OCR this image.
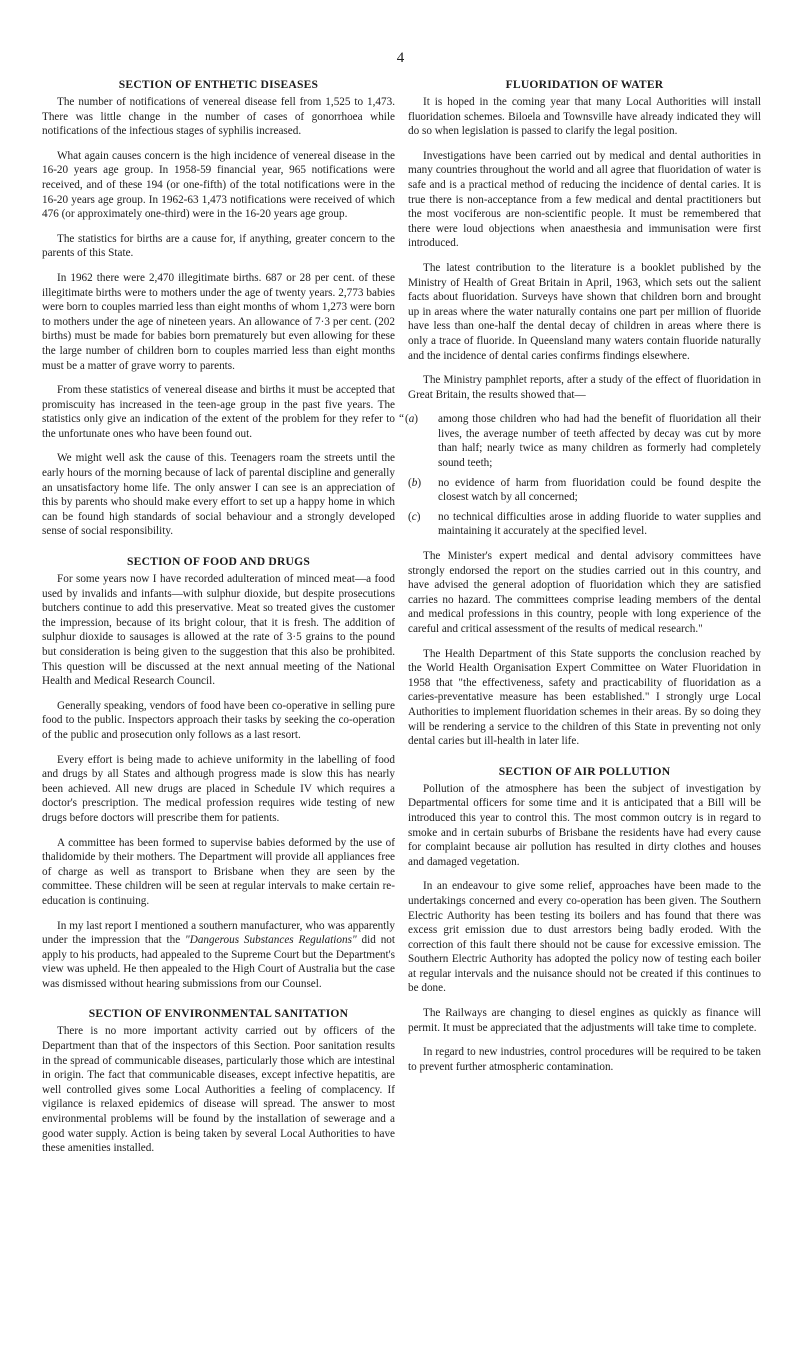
4
SECTION OF ENTHETIC DISEASES

The number of notifications of venereal disease fell from 1,525 to 1,473. There was little change in the number of cases of gonorrhoea while notifications of the infectious stages of syphilis increased.

What again causes concern is the high incidence of venereal disease in the 16-20 years age group. In 1958-59 financial year, 965 notifications were received, and of these 194 (or one-fifth) of the total notifications were in the 16-20 years age group. In 1962-63 1,473 notifications were received of which 476 (or approximately one-third) were in the 16-20 years age group.

The statistics for births are a cause for, if anything, greater concern to the parents of this State.

In 1962 there were 2,470 illegitimate births. 687 or 28 per cent. of these illegitimate births were to mothers under the age of twenty years. 2,773 babies were born to couples married less than eight months of whom 1,273 were born to mothers under the age of nineteen years. An allowance of 7·3 per cent. (202 births) must be made for babies born prematurely but even allowing for these the large number of children born to couples married less than eight months must be a matter of grave worry to parents.

From these statistics of venereal disease and births it must be accepted that promiscuity has increased in the teen-age group in the past five years. The statistics only give an indication of the extent of the problem for they refer to the unfortunate ones who have been found out.

We might well ask the cause of this. Teenagers roam the streets until the early hours of the morning because of lack of parental discipline and generally an unsatisfactory home life. The only answer I can see is an appreciation of this by parents who should make every effort to set up a happy home in which can be found high standards of social behaviour and a strongly developed sense of social responsibility.

SECTION OF FOOD AND DRUGS

For some years now I have recorded adulteration of minced meat—a food used by invalids and infants—with sulphur dioxide, but despite prosecutions butchers continue to add this preservative. Meat so treated gives the customer the impression, because of its bright colour, that it is fresh. The addition of sulphur dioxide to sausages is allowed at the rate of 3·5 grains to the pound but consideration is being given to the suggestion that this also be prohibited. This question will be discussed at the next annual meeting of the National Health and Medical Research Council.

Generally speaking, vendors of food have been co-operative in selling pure food to the public. Inspectors approach their tasks by seeking the co-operation of the public and prosecution only follows as a last resort.

Every effort is being made to achieve uniformity in the labelling of food and drugs by all States and although progress made is slow this has nearly been achieved. All new drugs are placed in Schedule IV which requires a doctor's prescription. The medical profession requires wide testing of new drugs before doctors will prescribe them for patients.

A committee has been formed to supervise babies deformed by the use of thalidomide by their mothers. The Department will provide all appliances free of charge as well as transport to Brisbane when they are seen by the committee. These children will be seen at regular intervals to make certain re-education is continuing.

In my last report I mentioned a southern manufacturer, who was apparently under the impression that the "Dangerous Substances Regulations" did not apply to his products, had appealed to the Supreme Court but the Department's view was upheld. He then appealed to the High Court of Australia but the case was dismissed without hearing submissions from our Counsel.

SECTION OF ENVIRONMENTAL SANITATION

There is no more important activity carried out by officers of the Department than that of the inspectors of this Section. Poor sanitation results in the spread of communicable diseases, particularly those which are intestinal in origin. The fact that communicable diseases, except infective hepatitis, are well controlled gives some Local Authorities a feeling of complacency. If vigilance is relaxed epidemics of disease will spread. The answer to most environmental problems will be found by the installation of sewerage and a good water supply. Action is being taken by several Local Authorities to have these amenities installed.

FLUORIDATION OF WATER

It is hoped in the coming year that many Local Authorities will install fluoridation schemes. Biloela and Townsville have already indicated they will do so when legislation is passed to clarify the legal position.

Investigations have been carried out by medical and dental authorities in many countries throughout the world and all agree that fluoridation of water is safe and is a practical method of reducing the incidence of dental caries. It is true there is non-acceptance from a few medical and dental practitioners but the most vociferous are non-scientific people. It must be remembered that there were loud objections when anaesthesia and immunisation were first introduced.

The latest contribution to the literature is a booklet published by the Ministry of Health of Great Britain in April, 1963, which sets out the salient facts about fluoridation. Surveys have shown that children born and brought up in areas where the water naturally contains one part per million of fluoride have less than one-half the dental decay of children in areas where there is only a trace of fluoride. In Queensland many waters contain fluoride naturally and the incidence of dental caries confirms findings elsewhere.

The Ministry pamphlet reports, after a study of the effect of fluoridation in Great Britain, the results showed that—

“(a) among those children who had had the benefit of fluoridation all their lives, the average number of teeth affected by decay was cut by more than half; nearly twice as many children as formerly had completely sound teeth;
(b) no evidence of harm from fluoridation could be found despite the closest watch by all concerned;
(c) no technical difficulties arose in adding fluoride to water supplies and maintaining it accurately at the specified level.

The Minister's expert medical and dental advisory committees have strongly endorsed the report on the studies carried out in this country, and have advised the general adoption of fluoridation which they are satisfied carries no hazard. The committees comprise leading members of the dental and medical professions in this country, people with long experience of the careful and critical assessment of the results of medical research."

The Health Department of this State supports the conclusion reached by the World Health Organisation Expert Committee on Water Fluoridation in 1958 that "the effectiveness, safety and practicability of fluoridation as a caries-preventative measure has been established." I strongly urge Local Authorities to implement fluoridation schemes in their areas. By so doing they will be rendering a service to the children of this State in preventing not only dental caries but ill-health in later life.

SECTION OF AIR POLLUTION

Pollution of the atmosphere has been the subject of investigation by Departmental officers for some time and it is anticipated that a Bill will be introduced this year to control this. The most common outcry is in regard to smoke and in certain suburbs of Brisbane the residents have had every cause for complaint because air pollution has resulted in dirty clothes and houses and damaged vegetation.

In an endeavour to give some relief, approaches have been made to the undertakings concerned and every co-operation has been given. The Southern Electric Authority has been testing its boilers and has found that there was excess grit emission due to dust arrestors being badly eroded. With the correction of this fault there should not be cause for excessive emission. The Southern Electric Authority has adopted the policy now of testing each boiler at regular intervals and the nuisance should not be created if this continues to be done.

The Railways are changing to diesel engines as quickly as finance will permit. It must be appreciated that the adjustments will take time to complete.

In regard to new industries, control procedures will be required to be taken to prevent further atmospheric contamination.
